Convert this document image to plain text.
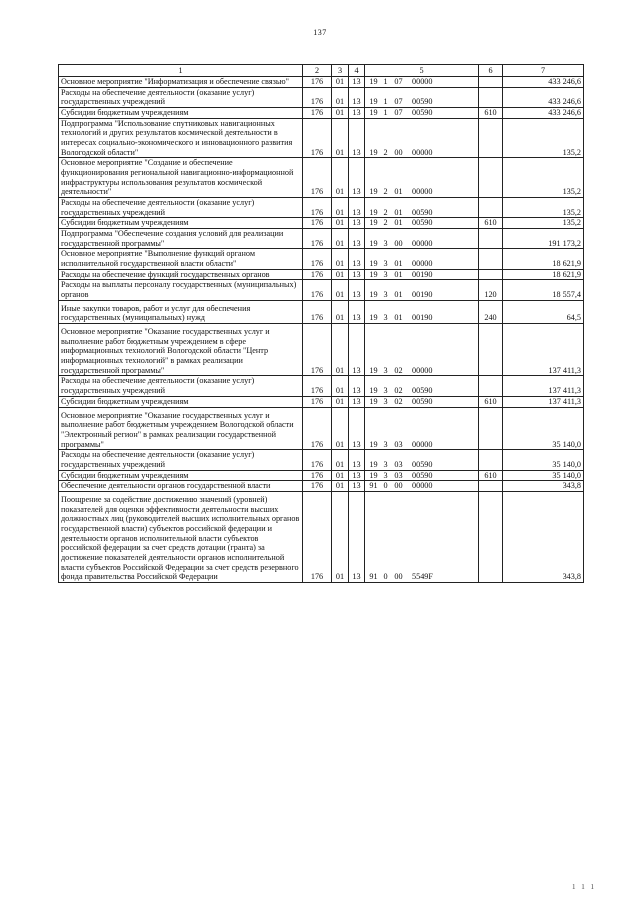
137
1	2	3	4	5	6	7
Основное мероприятие "Информатизация и обеспечение связью"	176	01	13	19 1 07 00000		433 246,6
Расходы на обеспечение деятельности (оказание услуг) государственных учреждений	176	01	13	19 1 07 00590		433 246,6
Субсидии бюджетным учреждениям	176	01	13	19 1 07 00590	610	433 246,6
Подпрограмма "Использование спутниковых навигационных технологий и других результатов космической деятельности в интересах социально-экономического и инновационного развития Вологодской области"	176	01	13	19 2 00 00000		135,2
Основное мероприятие "Создание и обеспечение функционирования региональной навигационно-информационной инфраструктуры использования результатов космической деятельности"	176	01	13	19 2 01 00000		135,2
Расходы на обеспечение деятельности (оказание услуг) государственных учреждений	176	01	13	19 2 01 00590		135,2
Субсидии бюджетным учреждениям	176	01	13	19 2 01 00590	610	135,2
Подпрограмма "Обеспечение создания условий для реализации государственной программы"	176	01	13	19 3 00 00000		191 173,2
Основное мероприятие "Выполнение функций органом исполнительной государственной власти области"	176	01	13	19 3 01 00000		18 621,9
Расходы на обеспечение функций государственных органов	176	01	13	19 3 01 00190		18 621,9
Расходы на выплаты персоналу государственных (муниципальных) органов	176	01	13	19 3 01 00190	120	18 557,4

Иные закупки товаров, работ и услуг для обеспечения государственных (муниципальных) нужд	176	01	13	19 3 01 00190	240	64,5

Основное мероприятие "Оказание государственных услуг и выполнение работ бюджетным учреждением в сфере информационных технологий Вологодской области "Центр информационных технологий" в рамках реализации государственной программы"	176	01	13	19 3 02 00000		137 411,3
Расходы на обеспечение деятельности (оказание услуг) государственных учреждений	176	01	13	19 3 02 00590		137 411,3
Субсидии бюджетным учреждениям	176	01	13	19 3 02 00590	610	137 411,3

Основное мероприятие "Оказание государственных услуг и выполнение работ бюджетным учреждением Вологодской области "Электронный регион" в рамках реализации государственной программы"	176	01	13	19 3 03 00000		35 140,0
Расходы на обеспечение деятельности (оказание услуг) государственных учреждений	176	01	13	19 3 03 00590		35 140,0
Субсидии бюджетным учреждениям	176	01	13	19 3 03 00590	610	35 140,0
Обеспечение деятельности органов государственной власти	176	01	13	91 0 00 00000		343,8

Поощрение за содействие достижению значений (уровней) показателей для оценки эффективности деятельности высших должностных лиц (руководителей высших исполнительных органов государственной власти) субъектов российской федерации и деятельности органов исполнительной власти субъектов российской федерации за счет средств дотации (гранта) за достижение показателей деятельности органов исполнительной власти субъектов Российской Федерации за счет средств резервного фонда правительства Российской Федерации	176	01	13	91 0 00 5549F		343,8
1 1 1
